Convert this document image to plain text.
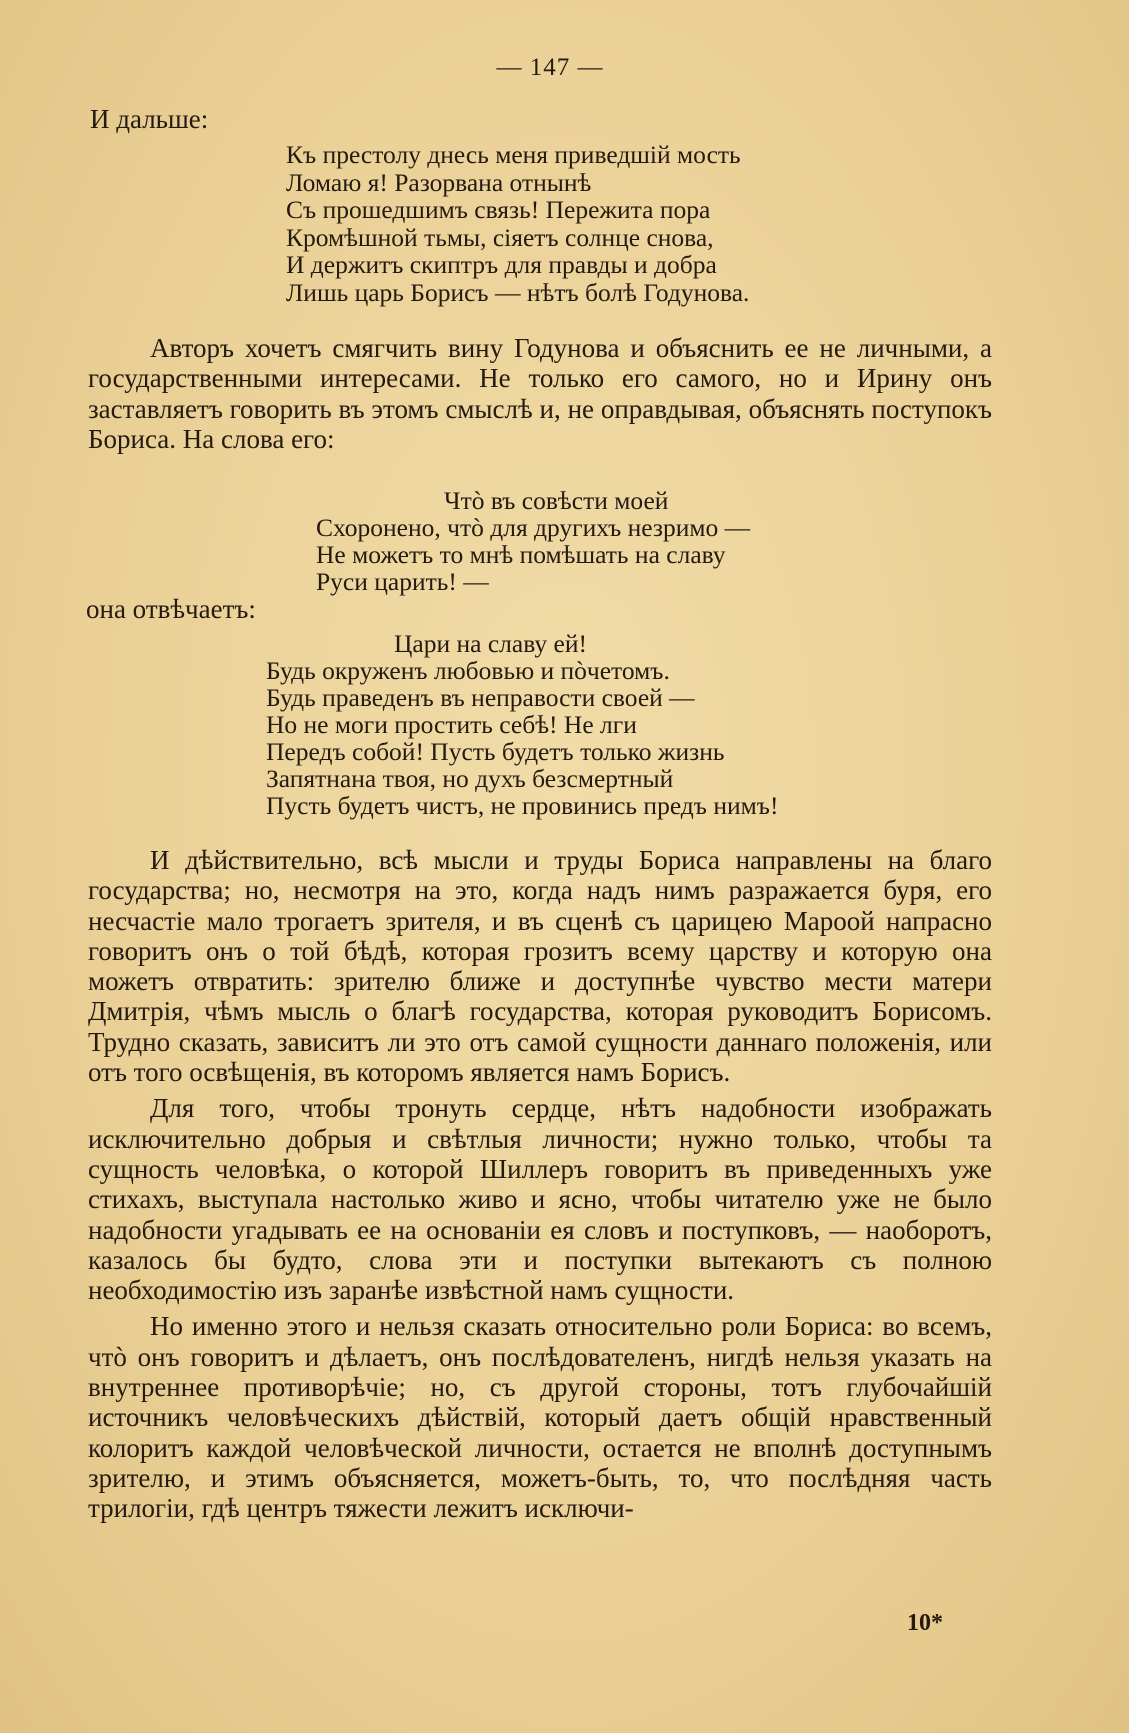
— 147 —
И дальше:
Къ престолу днесь меня приведшій мость
Ломаю я! Разорвана отнынѣ
Съ прошедшимъ связь! Пережита пора
Кромѣшной тьмы, сіяетъ солнце снова,
И держитъ скиптръ для правды и добра
Лишь царь Борисъ — нѣтъ болѣ Годунова.

Авторъ хочетъ смягчить вину Годунова и объяснить ее не личными, а государственными интересами. Не только его самого, но и Ирину онъ заставляетъ говорить въ этомъ смыслѣ и, не оправдывая, объяснять поступокъ Бориса. На слова его:

Чтò въ совѣсти моей
Схоронено, чтò для другихъ незримо —
Не можетъ то мнѣ помѣшать на славу
Руси царить! —
она отвѣчаетъ:
Цари на славу ей!
Будь окруженъ любовью и пòчетомъ.
Будь праведенъ въ неправости своей —
Но не моги простить себѣ! Не лги
Передъ собой! Пусть будетъ только жизнь
Запятнана твоя, но духъ безсмертный
Пусть будетъ чистъ, не провинись предъ нимъ!

И дѣйствительно, всѣ мысли и труды Бориса направлены на благо государства; но, несмотря на это, когда надъ нимъ разражается буря, его несчастіе мало трогаетъ зрителя, и въ сценѣ съ царицею Мароой напрасно говоритъ онъ о той бѣдѣ, которая грозитъ всему царству и которую она можетъ отвратить: зрителю ближе и доступнѣе чувство мести матери Дмитрія, чѣмъ мысль о благѣ государства, которая руководитъ Борисомъ. Трудно сказать, зависитъ ли это отъ самой сущности даннаго положенія, или отъ того освѣщенія, въ которомъ является намъ Борисъ.

Для того, чтобы тронуть сердце, нѣтъ надобности изображать исключительно добрыя и свѣтлыя личности; нужно только, чтобы та сущность человѣка, о которой Шиллеръ говоритъ въ приведенныхъ уже стихахъ, выступала настолько живо и ясно, чтобы читателю уже не было надобности угадывать ее на основаніи ея словъ и поступковъ, — наоборотъ, казалось бы будто, слова эти и поступки вытекаютъ съ полною необходимостію изъ заранѣе извѣстной намъ сущности.

Но именно этого и нельзя сказать относительно роли Бориса: во всемъ, чтò онъ говоритъ и дѣлаетъ, онъ послѣдователенъ, нигдѣ нельзя указать на внутреннее противорѣчіе; но, съ другой стороны, тотъ глубочайшій источникъ человѣческихъ дѣйствій, который даетъ общій нравственный колоритъ каждой человѣческой личности, остается не вполнѣ доступнымъ зрителю, и этимъ объясняется, можетъ-быть, то, что послѣдняя часть трилогіи, гдѣ центръ тяжести лежитъ исключи-

10*
